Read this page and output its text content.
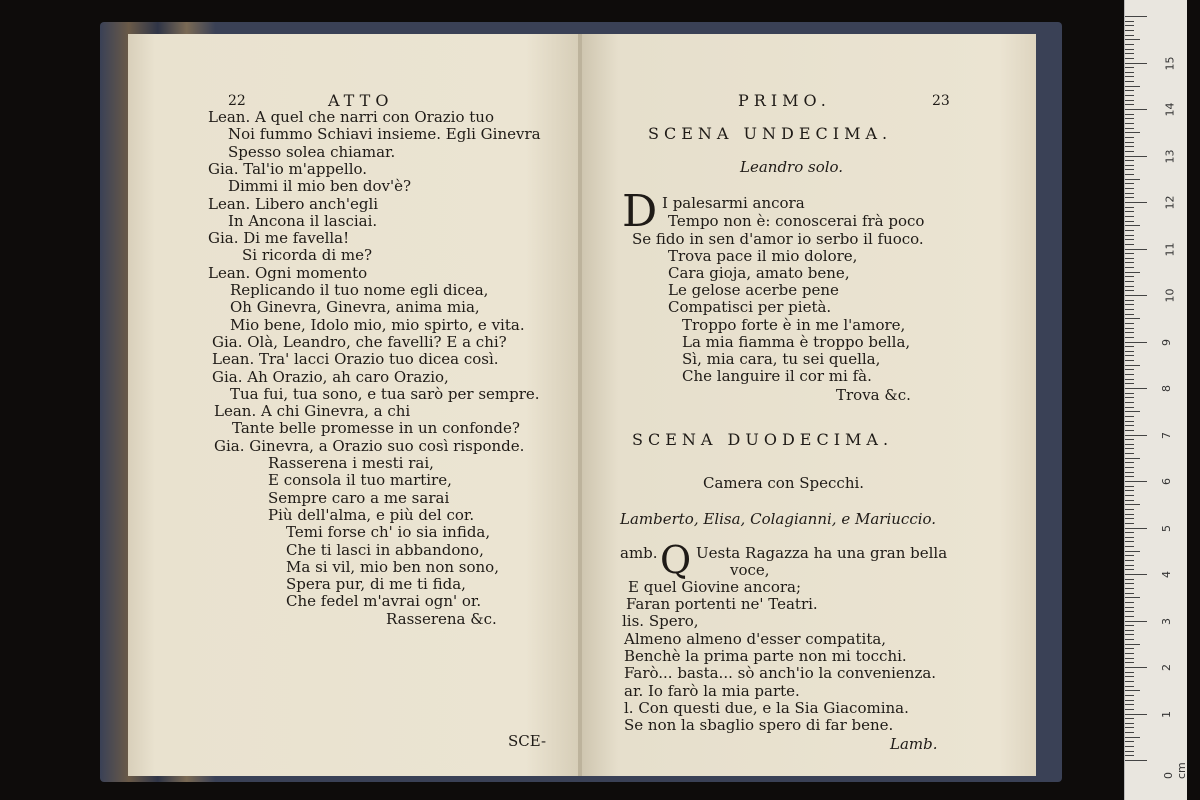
22	ATTO
Lean. A quel che narri con Orazio tuo
Noi fummo Schiavi insieme. Egli Ginevra
Spesso solea chiamar.
Gia. Tal'io m'appello.
Dimmi il mio ben dov'è?
Lean. Libero anch'egli
In Ancona il lasciai.
Gia. Di me favella!
Si ricorda di me?
Lean. Ogni momento
Replicando il tuo nome egli dicea,
Oh Ginevra, Ginevra, anima mia,
Mio bene, Idolo mio, mio spirto, e vita.
Gia. Olà, Leandro, che favelli? E a chi?
Lean. Tra' lacci Orazio tuo dicea così.
Gia. Ah Orazio, ah caro Orazio,
Tua fui, tua sono, e tua sarò per sempre.
Lean. A chi Ginevra, a chi
Tante belle promesse in un confonde?
Gia. Ginevra, a Orazio suo così risponde.
Rasserena i mesti rai,
E consola il tuo martire,
Sempre caro a me sarai
Più dell'alma, e più del cor.
Temi forse ch' io sia infida,
Che ti lasci in abbandono,
Ma si vil, mio ben non sono,
Spera pur, di me ti fida,
Che fedel m'avrai ogn' or.
Rasserena &c.
SCE-
PRIMO.	23
SCENA UNDECIMA.
Leandro solo.
D I palesarmi ancora
Tempo non è: conoscerai frà poco
Se fido in sen d'amor io serbo il fuoco.
Trova pace il mio dolore,
Cara gioja, amato bene,
Le gelose acerbe pene
Compatisci per pietà.
Troppo forte è in me l'amore,
La mia fiamma è troppo bella,
Sì, mia cara, tu sei quella,
Che languire il cor mi fà.
Trova &c.
SCENA DUODECIMA.
Camera con Specchi.
Lamberto, Elisa, Colagianni, e Mariuccio.
Q
amb.	Uesta Ragazza ha una gran bella
voce,
E quel Giovine ancora;
Faran portenti ne' Teatri.
lis. Spero,
Almeno almeno d'esser compatita,
Benchè la prima parte non mi tocchi.
Farò... basta... sò anch'io la convenienza.
ar. Io farò la mia parte.
l. Con questi due, e la Sia Giacomina.
Se non la sbaglio spero di far bene.
Lamb.
15
14
13
12
11
10
9
8
7
6
5
4
3
2
1
0 cm
